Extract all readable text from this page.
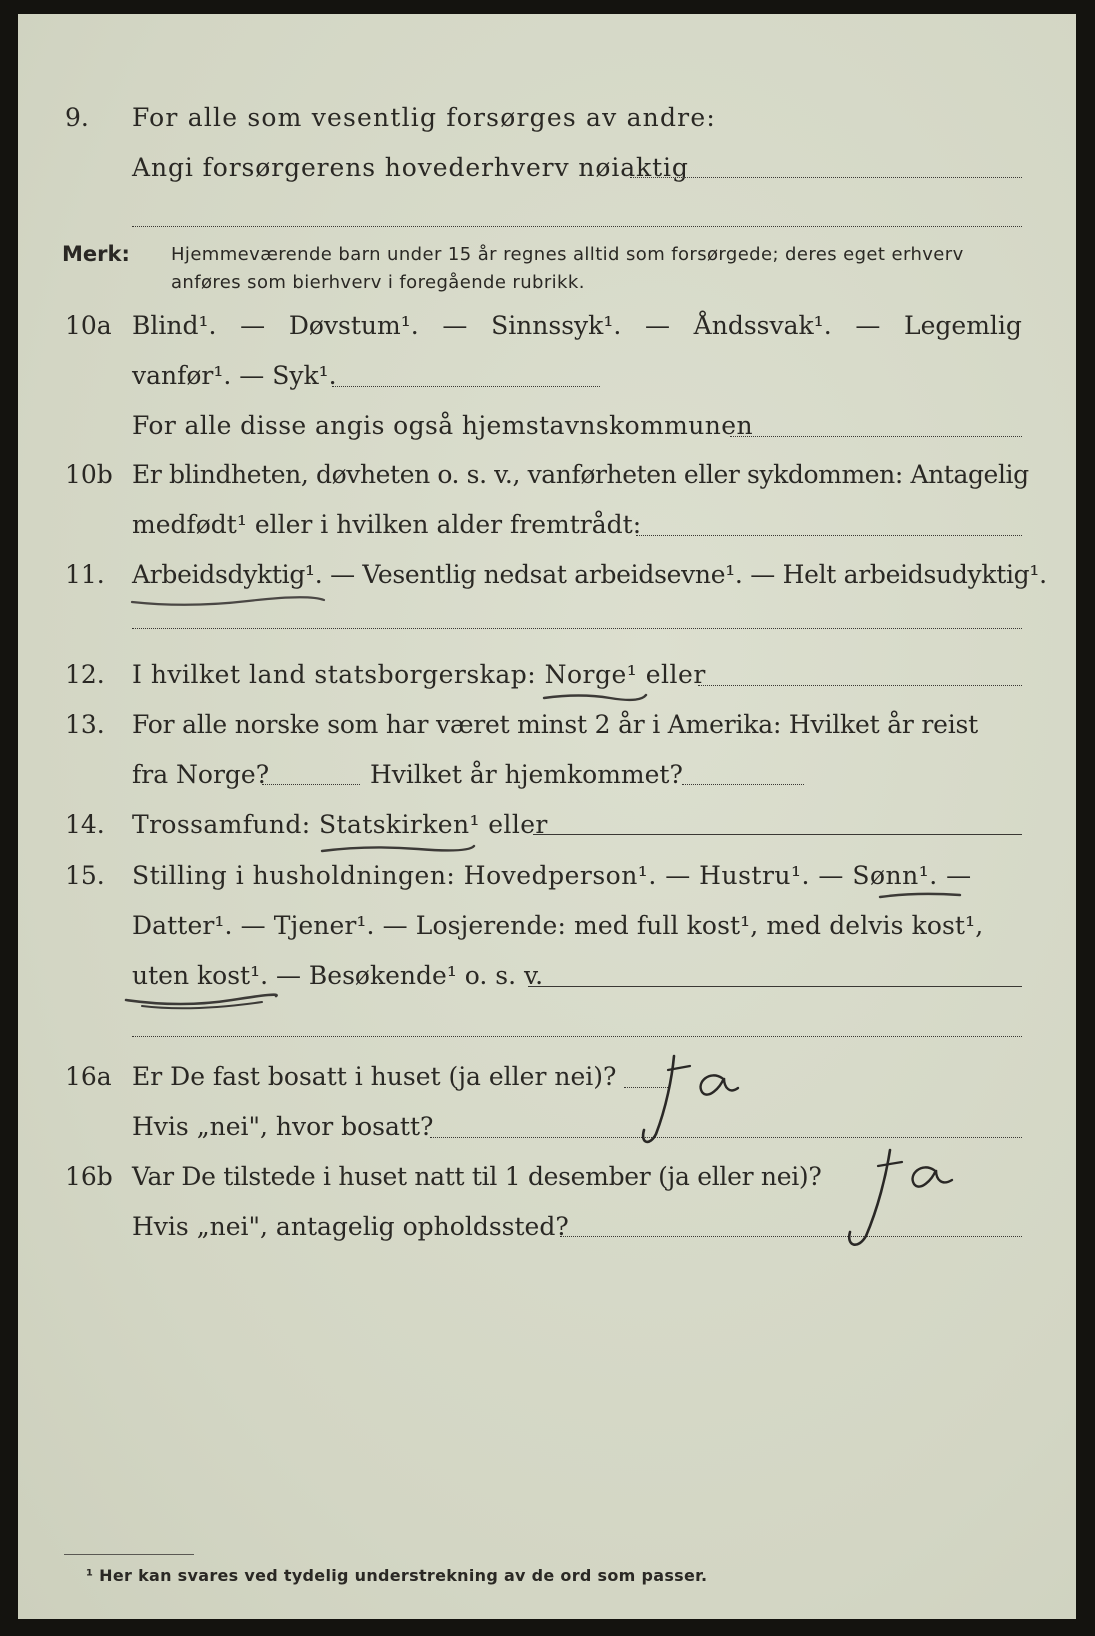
9. For alle som vesentlig forsørges av andre:
Angi forsørgerens hovederhverv nøiaktig
Merk: Hjemmeværende barn under 15 år regnes alltid som forsørgede; deres eget erhverv
anføres som bierhverv i foregående rubrikk.
10a Blind¹. — Døvstum¹. — Sinnssyk¹. — Åndssvak¹. — Legemlig
vanfør¹. — Syk¹.
For alle disse angis også hjemstavnskommunen
10b Er blindheten, døvheten o. s. v., vanførheten eller sykdommen: Antagelig
medfødt¹ eller i hvilken alder fremtrådt:
11. Arbeidsdyktig¹. — Vesentlig nedsat arbeidsevne¹. — Helt arbeidsudyktig¹.
12. I hvilket land statsborgerskap: Norge¹ eller
13. For alle norske som har været minst 2 år i Amerika: Hvilket år reist
fra Norge?	Hvilket år hjemkommet?
14. Trossamfund: Statskirken¹ eller
15. Stilling i husholdningen: Hovedperson¹. — Hustru¹. — Sønn¹. —
Datter¹. — Tjener¹. — Losjerende: med full kost¹, med delvis kost¹,
uten kost¹. — Besøkende¹ o. s. v.
16a Er De fast bosatt i huset (ja eller nei)?
Hvis „nei", hvor bosatt?
16b Var De tilstede i huset natt til 1 desember (ja eller nei)?
Hvis „nei", antagelig opholdssted?
¹ Her kan svares ved tydelig understrekning av de ord som passer.
